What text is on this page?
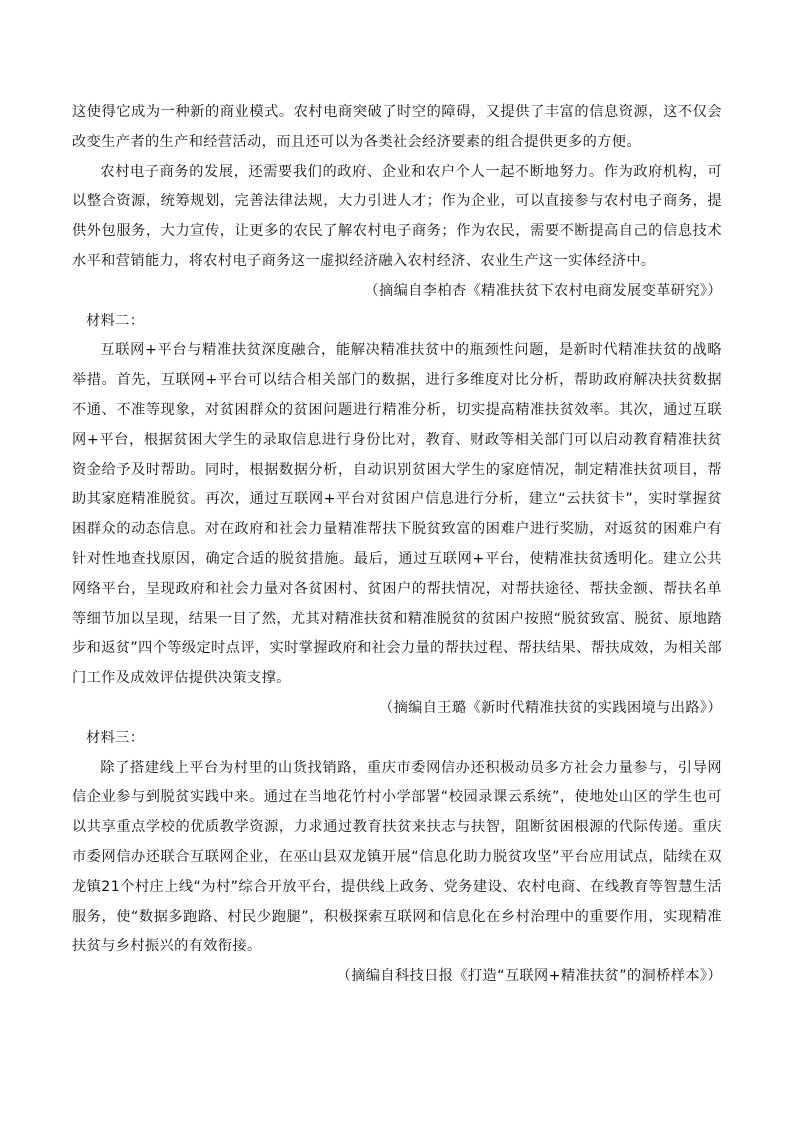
这使得它成为一种新的商业模式。农村电商突破了时空的障碍，又提供了丰富的信息资源，这不仅会改变生产者的生产和经营活动，而且还可以为各类社会经济要素的组合提供更多的方便。

农村电子商务的发展，还需要我们的政府、企业和农户个人一起不断地努力。作为政府机构，可以整合资源，统筹规划，完善法律法规，大力引进人才；作为企业，可以直接参与农村电子商务，提供外包服务，大力宣传，让更多的农民了解农村电子商务；作为农民，需要不断提高自己的信息技术水平和营销能力，将农村电子商务这一虚拟经济融入农村经济、农业生产这一实体经济中。

（摘编自李柏杏《精准扶贫下农村电商发展变革研究》）

材料二：

互联网+平台与精准扶贫深度融合，能解决精准扶贫中的瓶颈性问题，是新时代精准扶贫的战略举措。首先，互联网+平台可以结合相关部门的数据，进行多维度对比分析，帮助政府解决扶贫数据不通、不准等现象，对贫困群众的贫困问题进行精准分析，切实提高精准扶贫效率。其次，通过互联网+平台，根据贫困大学生的录取信息进行身份比对，教育、财政等相关部门可以启动教育精准扶贫资金给予及时帮助。同时，根据数据分析，自动识别贫困大学生的家庭情况，制定精准扶贫项目，帮助其家庭精准脱贫。再次，通过互联网+平台对贫困户信息进行分析，建立“云扶贫卡”，实时掌握贫困群众的动态信息。对在政府和社会力量精准帮扶下脱贫致富的困难户进行奖励，对返贫的困难户有针对性地查找原因，确定合适的脱贫措施。最后，通过互联网+平台，使精准扶贫透明化。建立公共网络平台，呈现政府和社会力量对各贫困村、贫困户的帮扶情况，对帮扶途径、帮扶金额、帮扶名单等细节加以呈现，结果一目了然，尤其对精准扶贫和精准脱贫的贫困户按照“脱贫致富、脱贫、原地踏步和返贫”四个等级定时点评，实时掌握政府和社会力量的帮扶过程、帮扶结果、帮扶成效，为相关部门工作及成效评估提供决策支撑。

（摘编自王璐《新时代精准扶贫的实践困境与出路》）

材料三：

除了搭建线上平台为村里的山货找销路，重庆市委网信办还积极动员多方社会力量参与，引导网信企业参与到脱贫实践中来。通过在当地花竹村小学部署“校园录课云系统”，使地处山区的学生也可以共享重点学校的优质教学资源，力求通过教育扶贫来扶志与扶智，阻断贫困根源的代际传递。重庆市委网信办还联合互联网企业，在巫山县双龙镇开展“信息化助力脱贫攻坚”平台应用试点，陆续在双龙镇21个村庄上线“为村”综合开放平台，提供线上政务、党务建设、农村电商、在线教育等智慧生活服务，使“数据多跑路、村民少跑腿”，积极探索互联网和信息化在乡村治理中的重要作用，实现精准扶贫与乡村振兴的有效衔接。

（摘编自科技日报《打造“互联网+精准扶贫”的洞桥样本》）
